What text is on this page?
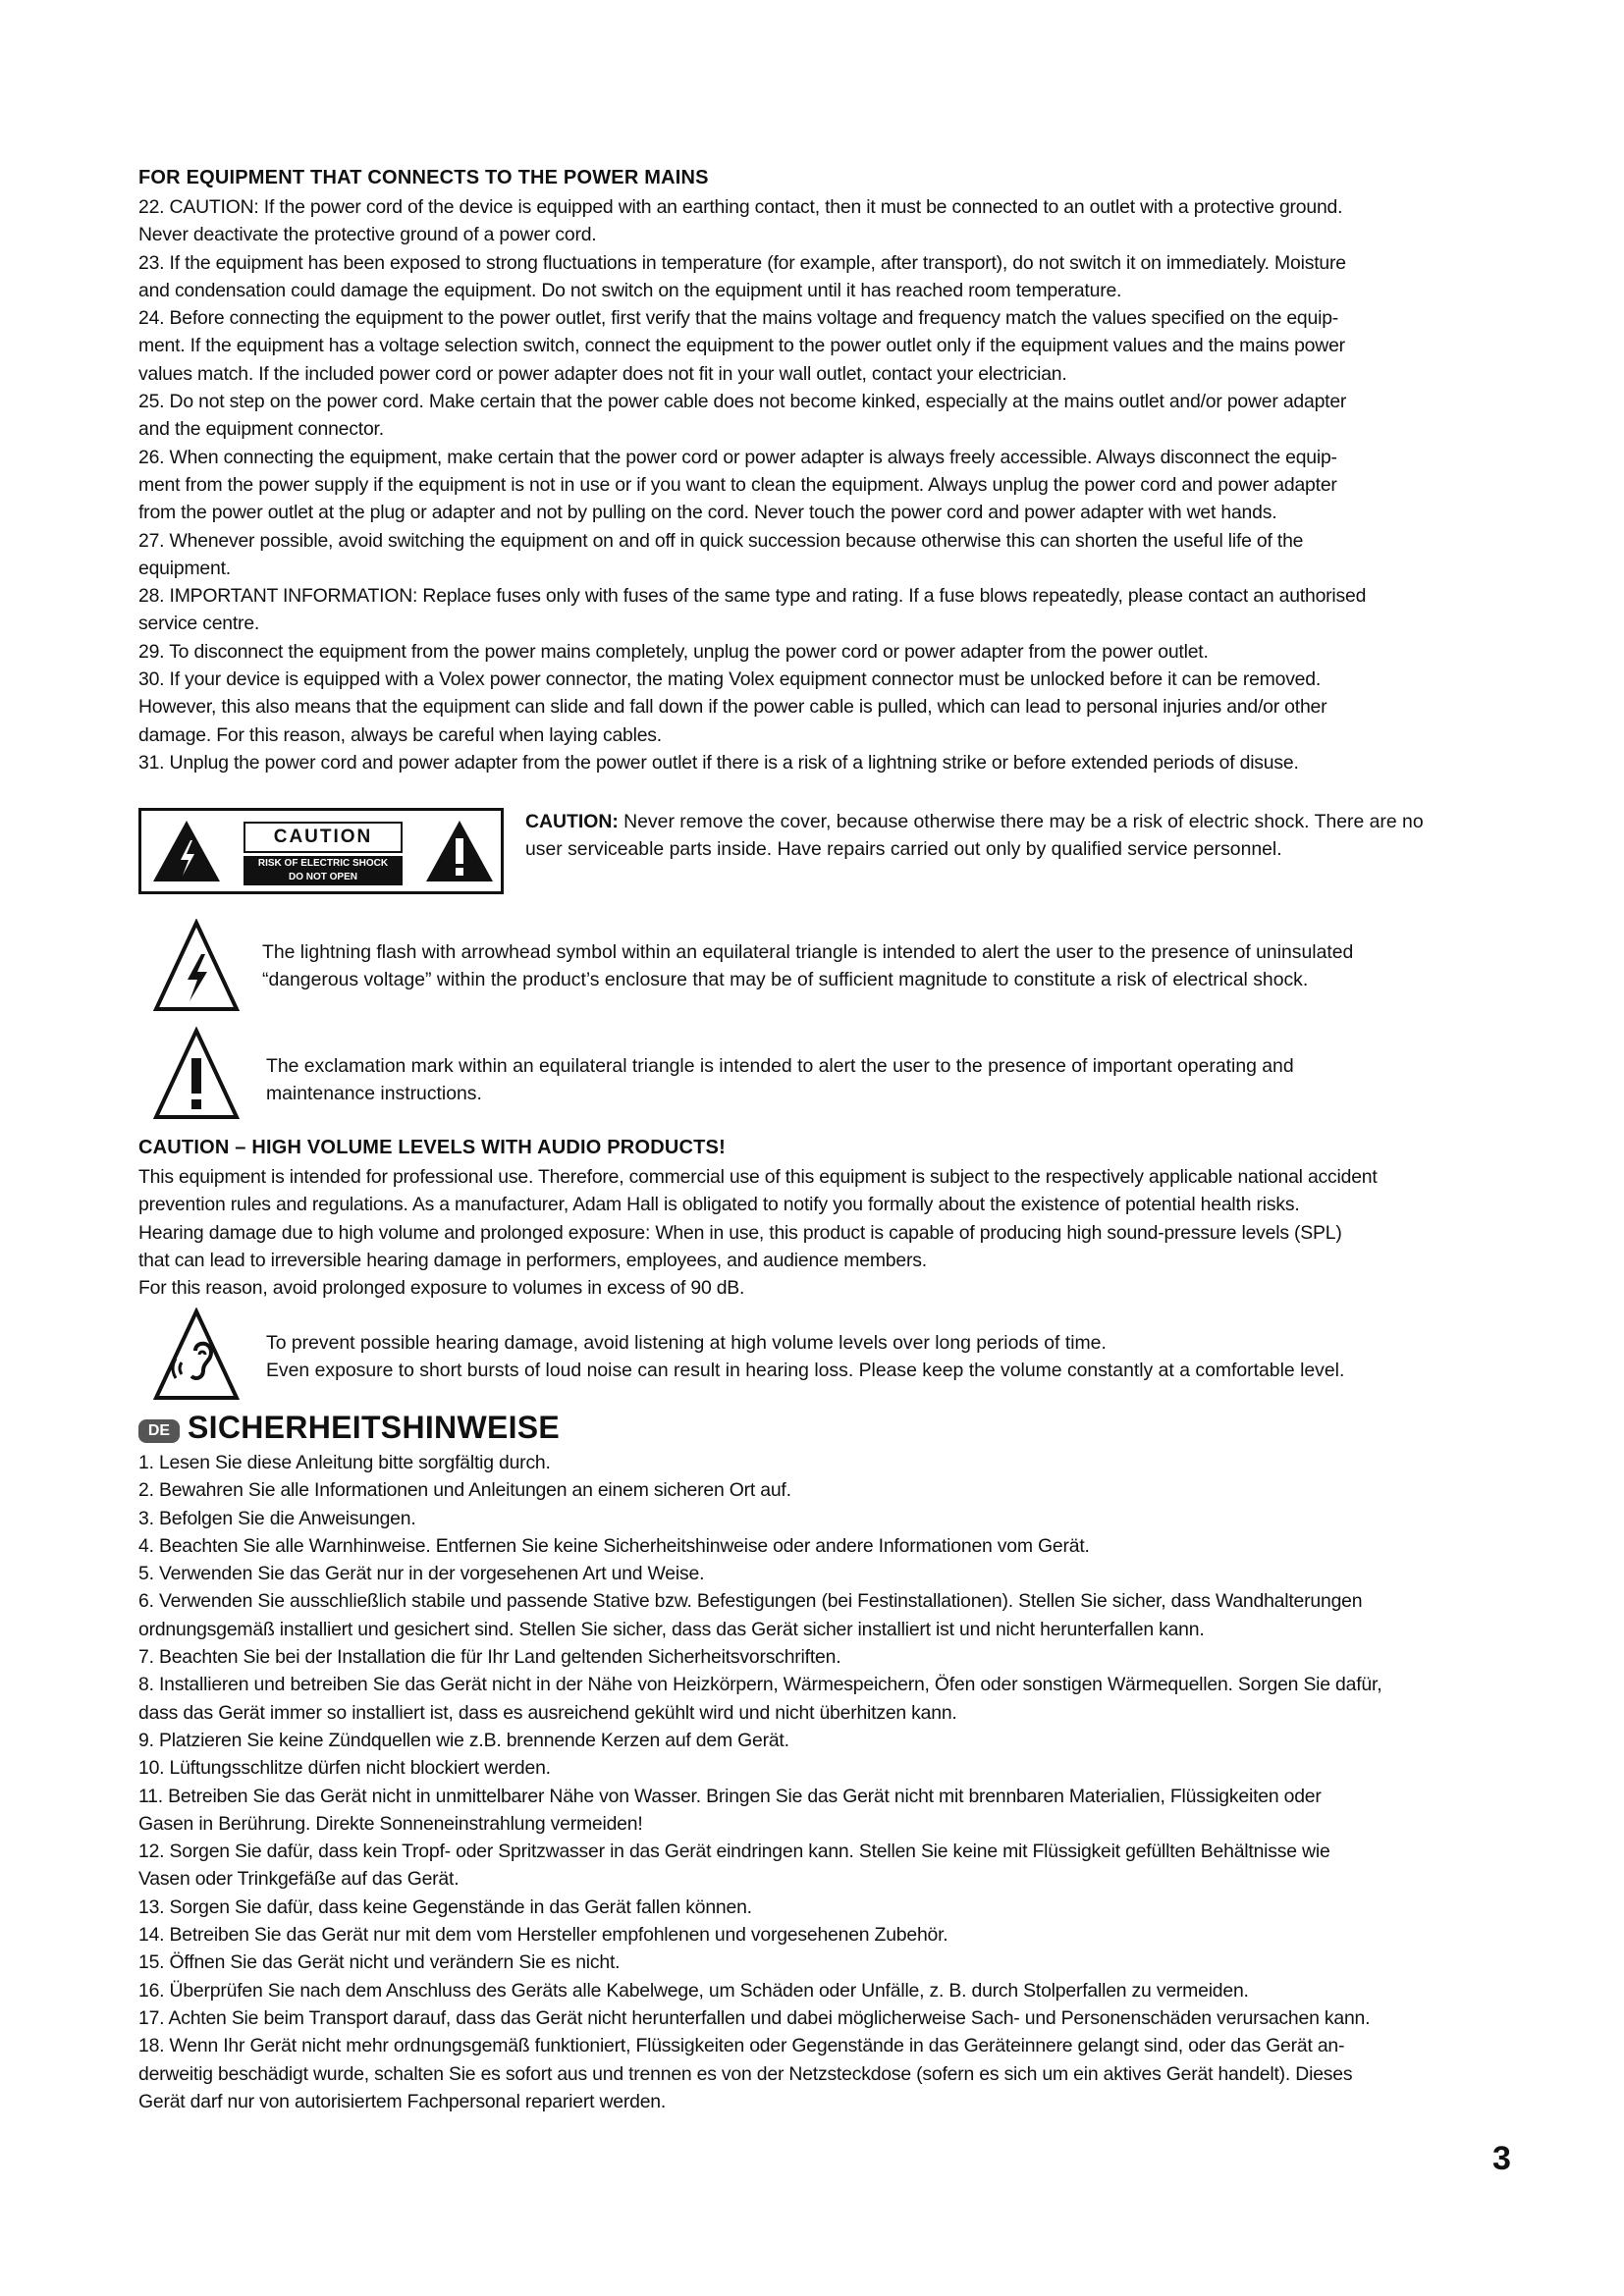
FOR EQUIPMENT THAT CONNECTS TO THE POWER MAINS

22. CAUTION: If the power cord of the device is equipped with an earthing contact, then it must be connected to an outlet with a protective ground.

Never deactivate the protective ground of a power cord.

23. If the equipment has been exposed to strong fluctuations in temperature (for example, after transport), do not switch it on immediately. Moisture

and condensation could damage the equipment. Do not switch on the equipment until it has reached room temperature.

24. Before connecting the equipment to the power outlet, first verify that the mains voltage and frequency match the values specified on the equip-

ment. If the equipment has a voltage selection switch, connect the equipment to the power outlet only if the equipment values and the mains power

values match. If the included power cord or power adapter does not fit in your wall outlet, contact your electrician.

25. Do not step on the power cord. Make certain that the power cable does not become kinked, especially at the mains outlet and/or power adapter

and the equipment connector.

26. When connecting the equipment, make certain that the power cord or power adapter is always freely accessible. Always disconnect the equip-

ment from the power supply if the equipment is not in use or if you want to clean the equipment. Always unplug the power cord and power adapter

from the power outlet at the plug or adapter and not by pulling on the cord. Never touch the power cord and power adapter with wet hands.

27. Whenever possible, avoid switching the equipment on and off in quick succession because otherwise this can shorten the useful life of the

equipment.

28. IMPORTANT INFORMATION: Replace fuses only with fuses of the same type and rating. If a fuse blows repeatedly, please contact an authorised

service centre.

29. To disconnect the equipment from the power mains completely, unplug the power cord or power adapter from the power outlet.

30. If your device is equipped with a Volex power connector, the mating Volex equipment connector must be unlocked before it can be removed.

However, this also means that the equipment can slide and fall down if the power cable is pulled, which can lead to personal injuries and/or other

damage. For this reason, always be careful when laying cables.

31. Unplug the power cord and power adapter from the power outlet if there is a risk of a lightning strike or before extended periods of disuse.

CAUTION
RISK OF ELECTRIC SHOCK
DO NOT OPEN

CAUTION: Never remove the cover, because otherwise there may be a risk of electric shock. There are no

user serviceable parts inside. Have repairs carried out only by qualified service personnel.

The lightning flash with arrowhead symbol within an equilateral triangle is intended to alert the user to the presence of uninsulated
“dangerous voltage” within the product’s enclosure that may be of sufficient magnitude to constitute a risk of electrical shock.
The exclamation mark within an equilateral triangle is intended to alert the user to the presence of important operating and
maintenance instructions.
CAUTION – HIGH VOLUME LEVELS WITH AUDIO PRODUCTS!

This equipment is intended for professional use. Therefore, commercial use of this equipment is subject to the respectively applicable national accident

prevention rules and regulations. As a manufacturer, Adam Hall is obligated to notify you formally about the existence of potential health risks.

Hearing damage due to high volume and prolonged exposure: When in use, this product is capable of producing high sound-pressure levels (SPL)

that can lead to irreversible hearing damage in performers, employees, and audience members.

For this reason, avoid prolonged exposure to volumes in excess of 90 dB.

To prevent possible hearing damage, avoid listening at high volume levels over long periods of time.
Even exposure to short bursts of loud noise can result in hearing loss. Please keep the volume constantly at a comfortable level.
DE SICHERHEITSHINWEISE

1. Lesen Sie diese Anleitung bitte sorgfältig durch.

2. Bewahren Sie alle Informationen und Anleitungen an einem sicheren Ort auf.

3. Befolgen Sie die Anweisungen.

4. Beachten Sie alle Warnhinweise. Entfernen Sie keine Sicherheitshinweise oder andere Informationen vom Gerät.

5. Verwenden Sie das Gerät nur in der vorgesehenen Art und Weise.

6. Verwenden Sie ausschließlich stabile und passende Stative bzw. Befestigungen (bei Festinstallationen). Stellen Sie sicher, dass Wandhalterungen

ordnungsgemäß installiert und gesichert sind. Stellen Sie sicher, dass das Gerät sicher installiert ist und nicht herunterfallen kann.

7. Beachten Sie bei der Installation die für Ihr Land geltenden Sicherheitsvorschriften.

8. Installieren und betreiben Sie das Gerät nicht in der Nähe von Heizkörpern, Wärmespeichern, Öfen oder sonstigen Wärmequellen. Sorgen Sie dafür,

dass das Gerät immer so installiert ist, dass es ausreichend gekühlt wird und nicht überhitzen kann.

9. Platzieren Sie keine Zündquellen wie z.B. brennende Kerzen auf dem Gerät.

10. Lüftungsschlitze dürfen nicht blockiert werden.

11. Betreiben Sie das Gerät nicht in unmittelbarer Nähe von Wasser. Bringen Sie das Gerät nicht mit brennbaren Materialien, Flüssigkeiten oder

Gasen in Berührung. Direkte Sonneneinstrahlung vermeiden!

12. Sorgen Sie dafür, dass kein Tropf- oder Spritzwasser in das Gerät eindringen kann. Stellen Sie keine mit Flüssigkeit gefüllten Behältnisse wie

Vasen oder Trinkgefäße auf das Gerät.

13. Sorgen Sie dafür, dass keine Gegenstände in das Gerät fallen können.

14. Betreiben Sie das Gerät nur mit dem vom Hersteller empfohlenen und vorgesehenen Zubehör.

15. Öffnen Sie das Gerät nicht und verändern Sie es nicht.

16. Überprüfen Sie nach dem Anschluss des Geräts alle Kabelwege, um Schäden oder Unfälle, z. B. durch Stolperfallen zu vermeiden.

17. Achten Sie beim Transport darauf, dass das Gerät nicht herunterfallen und dabei möglicherweise Sach- und Personenschäden verursachen kann.

18. Wenn Ihr Gerät nicht mehr ordnungsgemäß funktioniert, Flüssigkeiten oder Gegenstände in das Geräteinnere gelangt sind, oder das Gerät an-

derweitig beschädigt wurde, schalten Sie es sofort aus und trennen es von der Netzsteckdose (sofern es sich um ein aktives Gerät handelt). Dieses

Gerät darf nur von autorisiertem Fachpersonal repariert werden.

3
